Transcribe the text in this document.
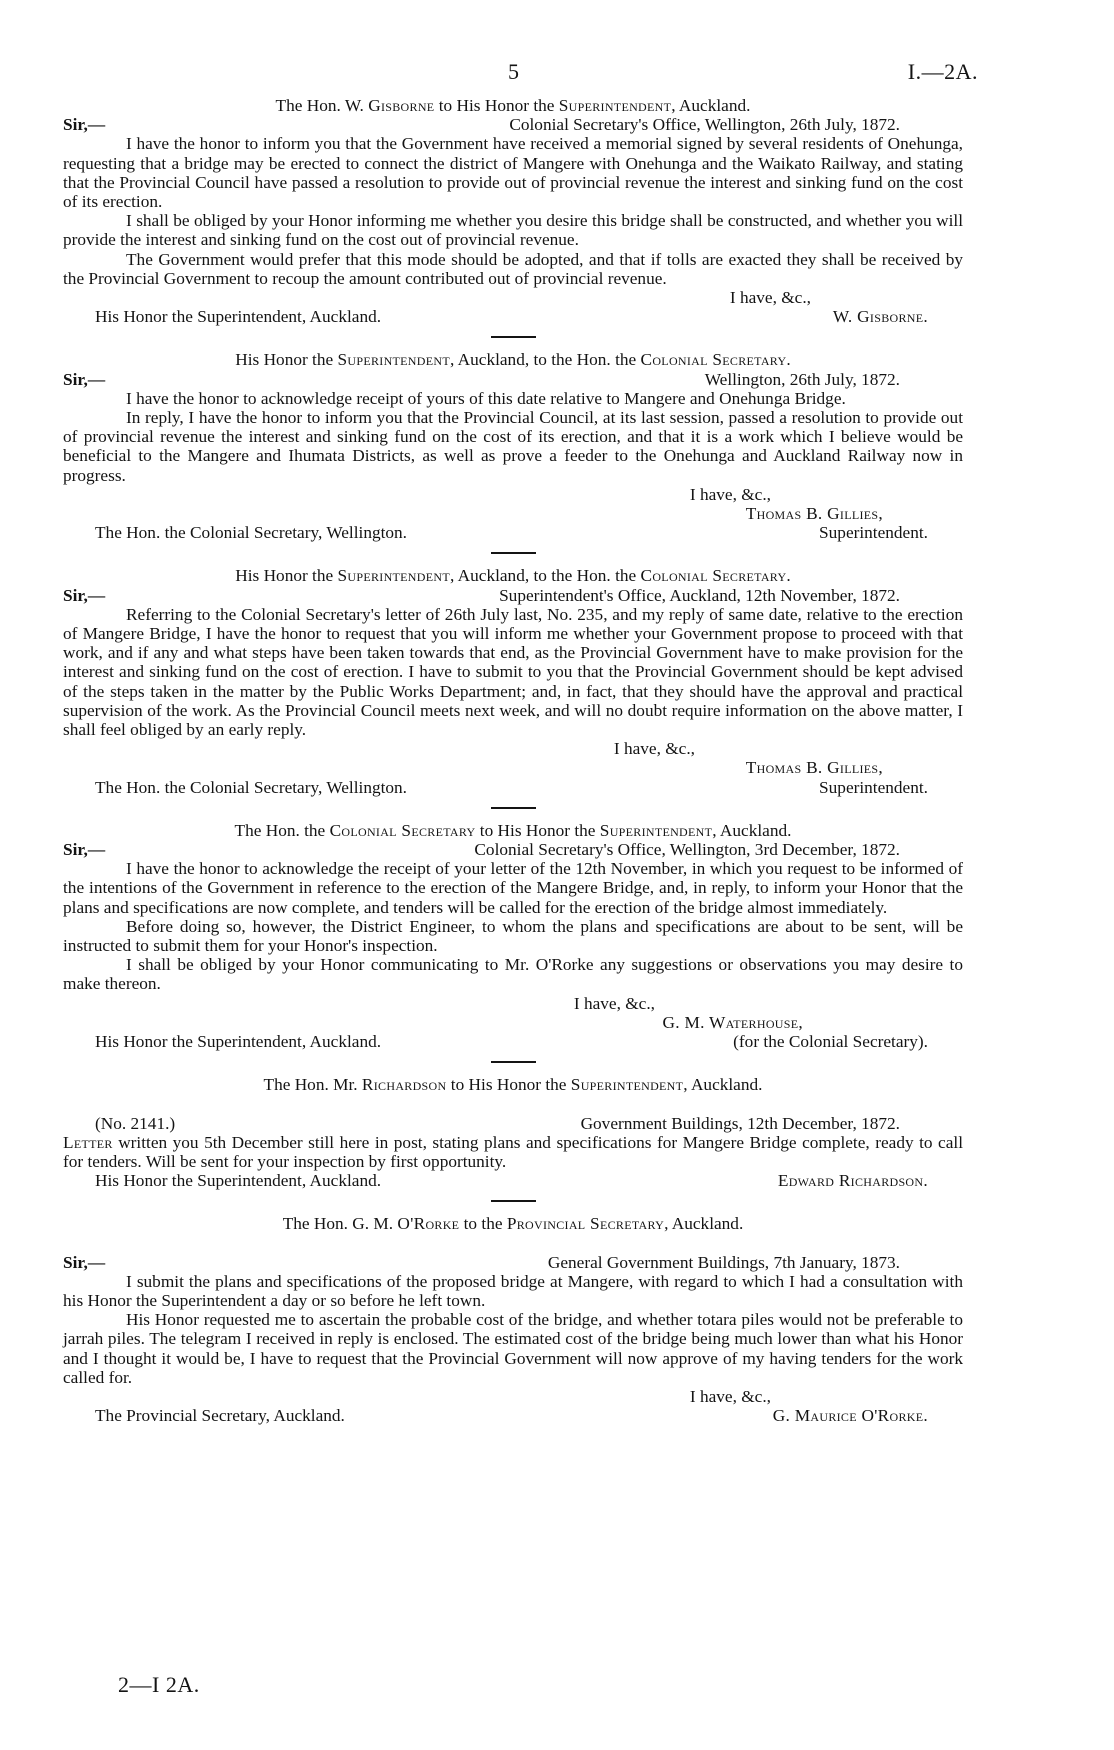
5	I.—2A.
The Hon. W. Gisborne to His Honor the Superintendent, Auckland.
Sir,—	Colonial Secretary's Office, Wellington, 26th July, 1872.

I have the honor to inform you that the Government have received a memorial signed by several residents of Onehunga, requesting that a bridge may be erected to connect the district of Mangere with Onehunga and the Waikato Railway, and stating that the Provincial Council have passed a resolution to provide out of provincial revenue the interest and sinking fund on the cost of its erection.

I shall be obliged by your Honor informing me whether you desire this bridge shall be constructed, and whether you will provide the interest and sinking fund on the cost out of provincial revenue.

The Government would prefer that this mode should be adopted, and that if tolls are exacted they shall be received by the Provincial Government to recoup the amount contributed out of provincial revenue.

I have, &c.,
His Honor the Superintendent, Auckland.	W. Gisborne.
His Honor the Superintendent, Auckland, to the Hon. the Colonial Secretary.
Sir,—	Wellington, 26th July, 1872.

I have the honor to acknowledge receipt of yours of this date relative to Mangere and Onehunga Bridge.

In reply, I have the honor to inform you that the Provincial Council, at its last session, passed a resolution to provide out of provincial revenue the interest and sinking fund on the cost of its erection, and that it is a work which I believe would be beneficial to the Mangere and Ihumata Districts, as well as prove a feeder to the Onehunga and Auckland Railway now in progress.

I have, &c.,
Thomas B. Gillies,
The Hon. the Colonial Secretary, Wellington.	Superintendent.
His Honor the Superintendent, Auckland, to the Hon. the Colonial Secretary.
Sir,—	Superintendent's Office, Auckland, 12th November, 1872.

Referring to the Colonial Secretary's letter of 26th July last, No. 235, and my reply of same date, relative to the erection of Mangere Bridge, I have the honor to request that you will inform me whether your Government propose to proceed with that work, and if any and what steps have been taken towards that end, as the Provincial Government have to make provision for the interest and sinking fund on the cost of erection. I have to submit to you that the Provincial Government should be kept advised of the steps taken in the matter by the Public Works Department; and, in fact, that they should have the approval and practical supervision of the work. As the Provincial Council meets next week, and will no doubt require information on the above matter, I shall feel obliged by an early reply.

I have, &c.,
Thomas B. Gillies,
The Hon. the Colonial Secretary, Wellington.	Superintendent.
The Hon. the Colonial Secretary to His Honor the Superintendent, Auckland.
Sir,—	Colonial Secretary's Office, Wellington, 3rd December, 1872.

I have the honor to acknowledge the receipt of your letter of the 12th November, in which you request to be informed of the intentions of the Government in reference to the erection of the Mangere Bridge, and, in reply, to inform your Honor that the plans and specifications are now complete, and tenders will be called for the erection of the bridge almost immediately.

Before doing so, however, the District Engineer, to whom the plans and specifications are about to be sent, will be instructed to submit them for your Honor's inspection.

I shall be obliged by your Honor communicating to Mr. O'Rorke any suggestions or observations you may desire to make thereon.

I have, &c.,
G. M. Waterhouse,
His Honor the Superintendent, Auckland.	(for the Colonial Secretary).
The Hon. Mr. Richardson to His Honor the Superintendent, Auckland.
(No. 2141.)	Government Buildings, 12th December, 1872.

Letter written you 5th December still here in post, stating plans and specifications for Mangere Bridge complete, ready to call for tenders. Will be sent for your inspection by first opportunity.

His Honor the Superintendent, Auckland.	Edward Richardson.
The Hon. G. M. O'Rorke to the Provincial Secretary, Auckland.
Sir,—	General Government Buildings, 7th January, 1873.

I submit the plans and specifications of the proposed bridge at Mangere, with regard to which I had a consultation with his Honor the Superintendent a day or so before he left town.

His Honor requested me to ascertain the probable cost of the bridge, and whether totara piles would not be preferable to jarrah piles. The telegram I received in reply is enclosed. The estimated cost of the bridge being much lower than what his Honor and I thought it would be, I have to request that the Provincial Government will now approve of my having tenders for the work called for.

I have, &c.,
The Provincial Secretary, Auckland.	G. Maurice O'Rorke.
2—I 2A.
